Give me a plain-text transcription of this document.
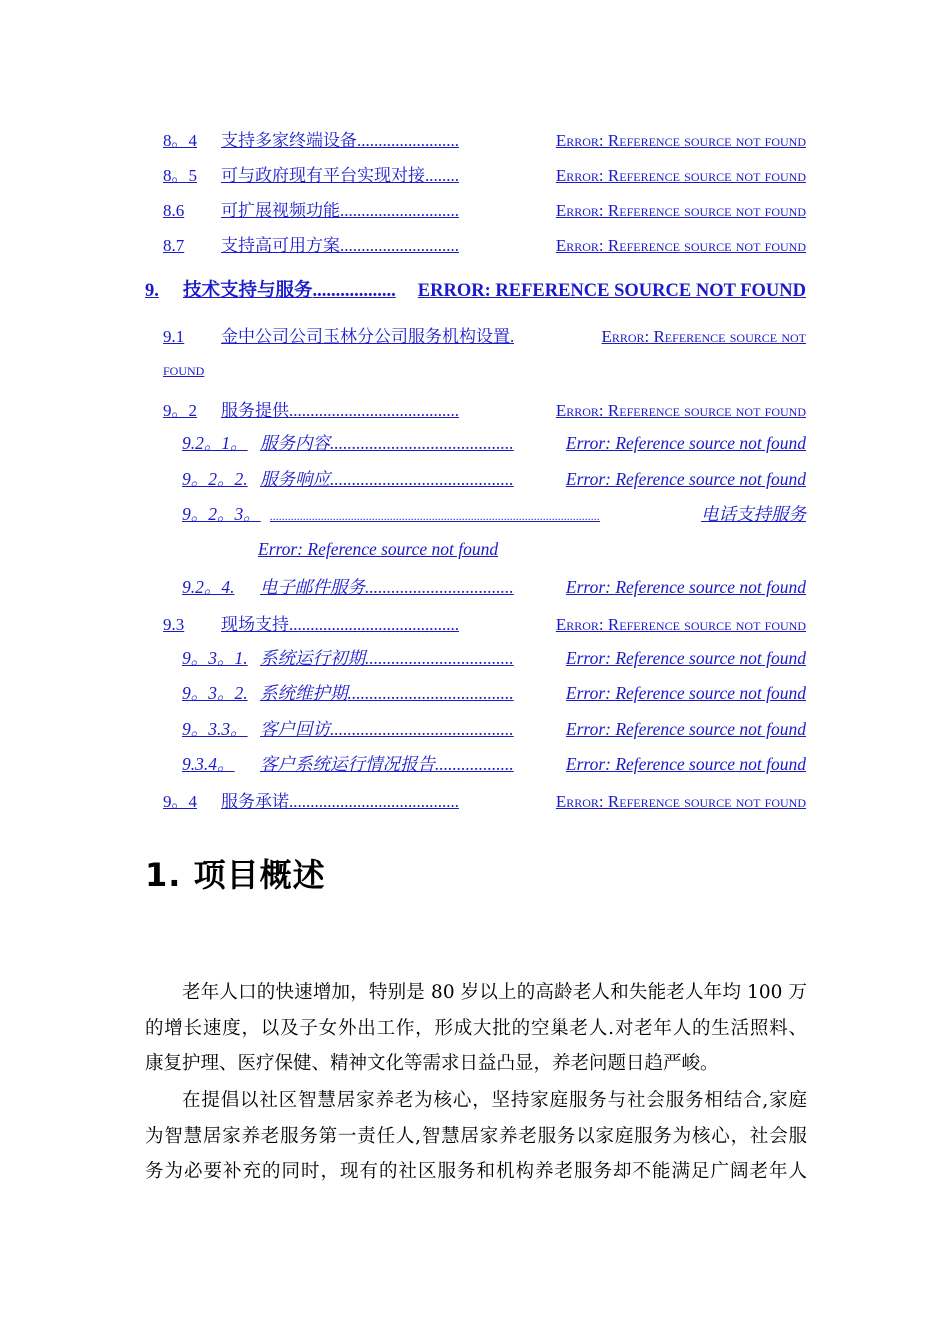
8。4	支持多家终端设备 ........................	Error: Reference source not found
8。5	可与政府现有平台实现对接 ........	Error: Reference source not found
8.6	可扩展视频功能 ............................	Error: Reference source not found
8.7	支持高可用方案 ............................	Error: Reference source not found
9.	技术支持与服务 ..................	ERROR: REFERENCE SOURCE NOT FOUND
9.1	金中公司公司玉林分公司服务机构设置 .	Error: Reference source not
found
9。2	服务提供 ........................................	Error: Reference source not found
9.2。1。 服务内容 ..........................................	Error: Reference source not found
9。2。2. 服务响应 ..........................................	Error: Reference source not found
9。2。3。 ..............................................................................................................	电话支持服务
Error: Reference source not found
9.2。4.	电子邮件服务 ..................................	Error: Reference source not found
9.3	现场支持 ........................................	Error: Reference source not found
9。3。1. 系统运行初期 ..................................	Error: Reference source not found
9。3。2. 系统维护期 ......................................	Error: Reference source not found
9。3.3。 客户回访 ..........................................	Error: Reference source not found
9.3.4。	客户系统运行情况报告 ..................	Error: Reference source not found
9。4	服务承诺 ........................................	Error: Reference source not found
1. 项目概述
老年人口的快速增加，特别是 80 岁以上的高龄老人和失能老人年均 100 万
的增长速度，以及子女外出工作，形成大批的空巢老人.对老年人的生活照料、
康复护理、医疗保健、精神文化等需求日益凸显，养老问题日趋严峻。
在提倡以社区智慧居家养老为核心，坚持家庭服务与社会服务相结合,家庭
为智慧居家养老服务第一责任人,智慧居家养老服务以家庭服务为核心，社会服
务为必要补充的同时，现有的社区服务和机构养老服务却不能满足广阔老年人
